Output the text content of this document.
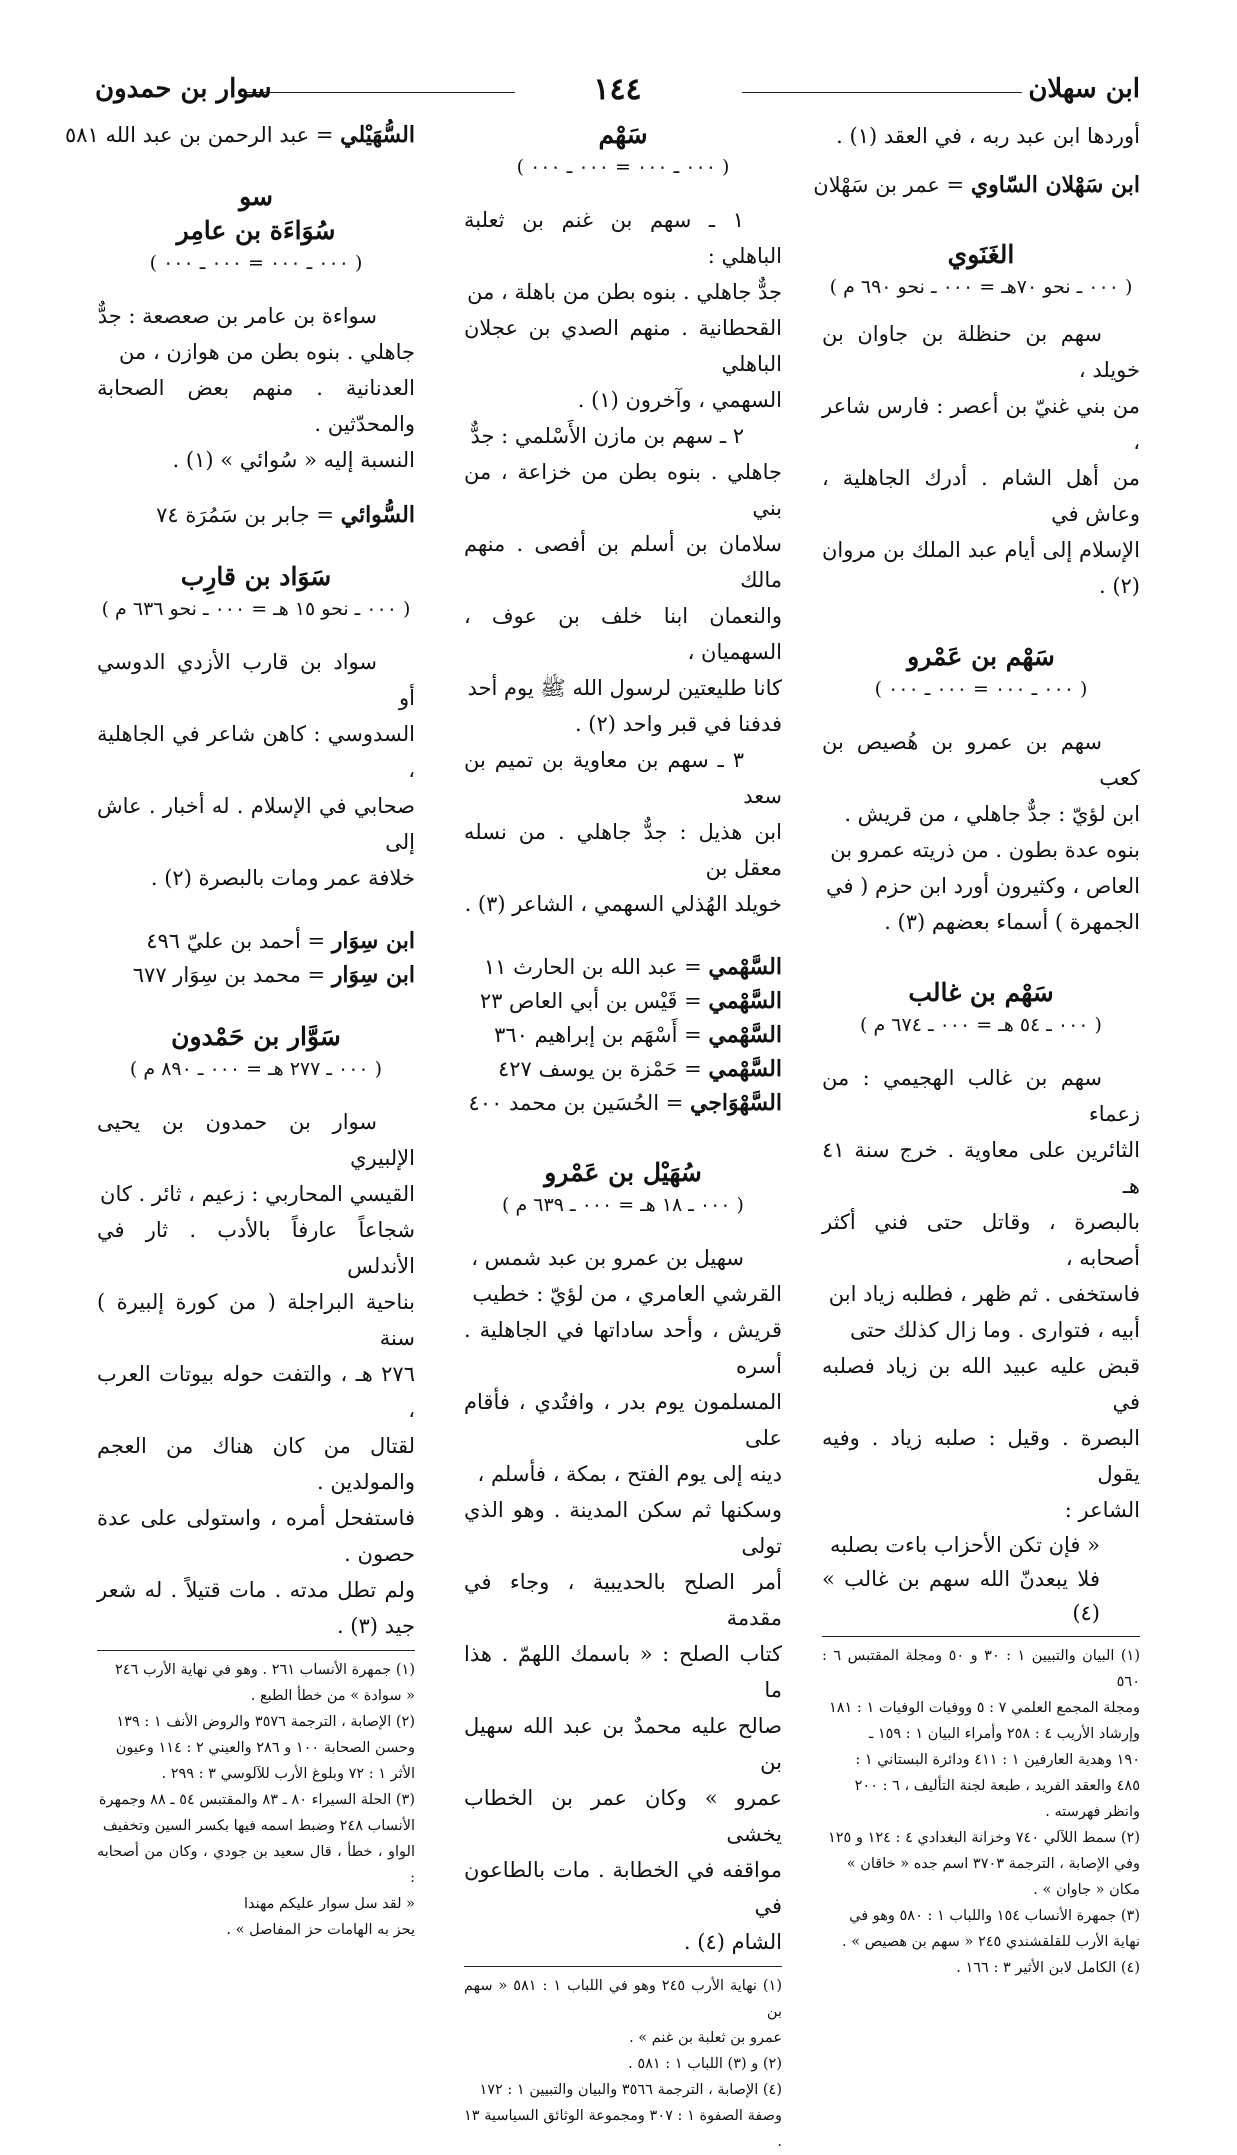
ابن سهلان
١٤٤
سوار بن حمدون

أوردها ابن عبد ربه ، في العقد (١) .

ابن سَهْلان السّاوي = عمر بن سَهْلان

الغَنَوي

( ٠٠٠ ـ نحو ٧٠هـ = ٠٠٠ ـ نحو ٦٩٠ م )

سهم بن حنظلة بن جاوان بن خويلد ،

من بني غنيّ بن أعصر : فارس شاعر ،

من أهل الشام . أدرك الجاهلية ، وعاش في

الإسلام إلى أيام عبد الملك بن مروان (٢) .

سَهْم بن عَمْرو

( ٠٠٠ ـ ٠٠٠ = ٠٠٠ ـ ٠٠٠ )

سهم بن عمرو بن هُصيص بن كعب

ابن لؤيّ : جدٌّ جاهلي ، من قريش .

بنوه عدة بطون . من ذريته عمرو بن

العاص ، وكثيرون أورد ابن حزم ( في

الجمهرة ) أسماء بعضهم (٣) .

سَهْم بن غالب

( ٠٠٠ ـ ٥٤ هـ = ٠٠٠ ـ ٦٧٤ م )

سهم بن غالب الهجيمي : من زعماء

الثائرين على معاوية . خرج سنة ٤١ هـ

بالبصرة ، وقاتل حتى فني أكثر أصحابه ،

فاستخفى . ثم ظهر ، فطلبه زياد ابن

أبيه ، فتوارى . وما زال كذلك حتى

قبض عليه عبيد الله بن زياد فصلبه في

البصرة . وقيل : صلبه زياد . وفيه يقول

الشاعر :

« فإن تكن الأحزاب باءت بصلبه

فلا يبعدنّ الله سهم بن غالب » (٤)

(١) البيان والتبيين ١ : ٣٠ و ٥٠ ومجلة المقتبس ٦ : ٥٦٠

ومجلة المجمع العلمي ٧ : ٥ ووفيات الوفيات ١ : ١٨١

وإرشاد الأريب ٤ : ٢٥٨ وأمراء البيان ١ : ١٥٩ ـ

١٩٠ وهدية العارفين ١ : ٤١١ ودائرة البستاني ١ :

٤٨٥ والعقد الفريد ، طبعة لجنة التأليف ، ٦ : ٢٠٠

وانظر فهرسته .

(٢) سمط اللآلي ٧٤٠ وخزانة البغدادي ٤ : ١٢٤ و ١٢٥

وفي الإصابة ، الترجمة ٣٧٠٣ اسم جده « خاقان »

مكان « جاوان » .

(٣) جمهرة الأنساب ١٥٤ واللباب ١ : ٥٨٠ وهو في

نهاية الأرب للقلقشندي ٢٤٥ « سهم بن هصيص » .

(٤) الكامل لابن الأثير ٣ : ١٦٦ .

سَهْم

( ٠٠٠ ـ ٠٠٠ = ٠٠٠ ـ ٠٠٠ )

١ ـ سهم بن غنم بن ثعلبة الباهلي :

جدٌّ جاهلي . بنوه بطن من باهلة ، من

القحطانية . منهم الصدي بن عجلان الباهلي

السهمي ، وآخرون (١) .

٢ ـ سهم بن مازن الأَسْلمي : جدٌّ

جاهلي . بنوه بطن من خزاعة ، من بني

سلامان بن أسلم بن أفصى . منهم مالك

والنعمان ابنا خلف بن عوف ، السهميان ،

كانا طليعتين لرسول الله ﷺ يوم أحد

فدفنا في قبر واحد (٢) .

٣ ـ سهم بن معاوية بن تميم بن سعد

ابن هذيل : جدٌّ جاهلي . من نسله معقل بن

خويلد الهُذلي السهمي ، الشاعر (٣) .

السَّهْمي = عبد الله بن الحارث ١١

السَّهْمي = قَيْس بن أبي العاص ٢٣

السَّهْمي = أَسْهَم بن إبراهيم ٣٦٠

السَّهْمي = حَمْزة بن يوسف ٤٢٧

السَّهْوَاجي = الحُسَين بن محمد ٤٠٠

سُهَيْل بن عَمْرو

( ٠٠٠ ـ ١٨ هـ = ٠٠٠ ـ ٦٣٩ م )

سهيل بن عمرو بن عبد شمس ،

القرشي العامري ، من لؤيّ : خطيب

قريش ، وأحد ساداتها في الجاهلية . أسره

المسلمون يوم بدر ، وافتُدي ، فأقام على

دينه إلى يوم الفتح ، بمكة ، فأسلم ،

وسكنها ثم سكن المدينة . وهو الذي تولى

أمر الصلح بالحديبية ، وجاء في مقدمة

كتاب الصلح : « باسمك اللهمّ . هذا ما

صالح عليه محمدٌ بن عبد الله سهيل بن

عمرو » وكان عمر بن الخطاب يخشى

مواقفه في الخطابة . مات بالطاعون في

الشام (٤) .

(١) نهاية الأرب ٢٤٥ وهو في اللباب ١ : ٥٨١ « سهم بن

عمرو بن ثعلبة بن غنم » .

(٢) و (٣) اللباب ١ : ٥٨١ .

(٤) الإصابة ، الترجمة ٣٥٦٦ والبيان والتبيين ١ : ١٧٢

وصفة الصفوة ١ : ٣٠٧ ومجموعة الوثائق السياسية ١٣ .

السُّهَيْلي = عبد الرحمن بن عبد الله ٥٨١

سو

سُوَاءَة بن عامِر

( ٠٠٠ ـ ٠٠٠ = ٠٠٠ ـ ٠٠٠ )

سواءة بن عامر بن صعصعة : جدٌّ

جاهلي . بنوه بطن من هوازن ، من

العدنانية . منهم بعض الصحابة والمحدّثين .

النسبة إليه « سُوائي » (١) .

السُّوائي = جابر بن سَمُرَة ٧٤

سَوَاد بن قارِب

( ٠٠٠ ـ نحو ١٥ هـ = ٠٠٠ ـ نحو ٦٣٦ م )

سواد بن قارب الأزدي الدوسي أو

السدوسي : كاهن شاعر في الجاهلية ،

صحابي في الإسلام . له أخبار . عاش إلى

خلافة عمر ومات بالبصرة (٢) .

ابن سِوَار = أحمد بن عليّ ٤٩٦

ابن سِوَار = محمد بن سِوَار ٦٧٧

سَوَّار بن حَمْدون

( ٠٠٠ ـ ٢٧٧ هـ = ٠٠٠ ـ ٨٩٠ م )

سوار بن حمدون بن يحيى الإلبيري

القيسي المحاربي : زعيم ، ثائر . كان

شجاعاً عارفاً بالأدب . ثار في الأندلس

بناحية البراجلة ( من كورة إلبيرة ) سنة

٢٧٦ هـ ، والتفت حوله بيوتات العرب ،

لقتال من كان هناك من العجم والمولدين .

فاستفحل أمره ، واستولى على عدة حصون .

ولم تطل مدته . مات قتيلاً . له شعر جيد (٣) .

(١) جمهرة الأنساب ٢٦١ . وهو في نهاية الأرب ٢٤٦

« سوادة » من خطأ الطبع .

(٢) الإصابة ، الترجمة ٣٥٧٦ والروض الأنف ١ : ١٣٩

وحسن الصحابة ١٠٠ و ٢٨٦ والعيني ٢ : ١١٤ وعيون

الأثر ١ : ٧٢ وبلوغ الأرب للآلوسي ٣ : ٢٩٩ .

(٣) الحلة السيراء ٨٠ ـ ٨٣ والمقتبس ٥٤ ـ ٨٨ وجمهرة

الأنساب ٢٤٨ وضبط اسمه فيها بكسر السين وتخفيف

الواو ، خطأ ، قال سعيد بن جودي ، وكان من أصحابه :

« لقد سل سوار عليكم مهندا

يحز به الهامات حز المفاصل » .
